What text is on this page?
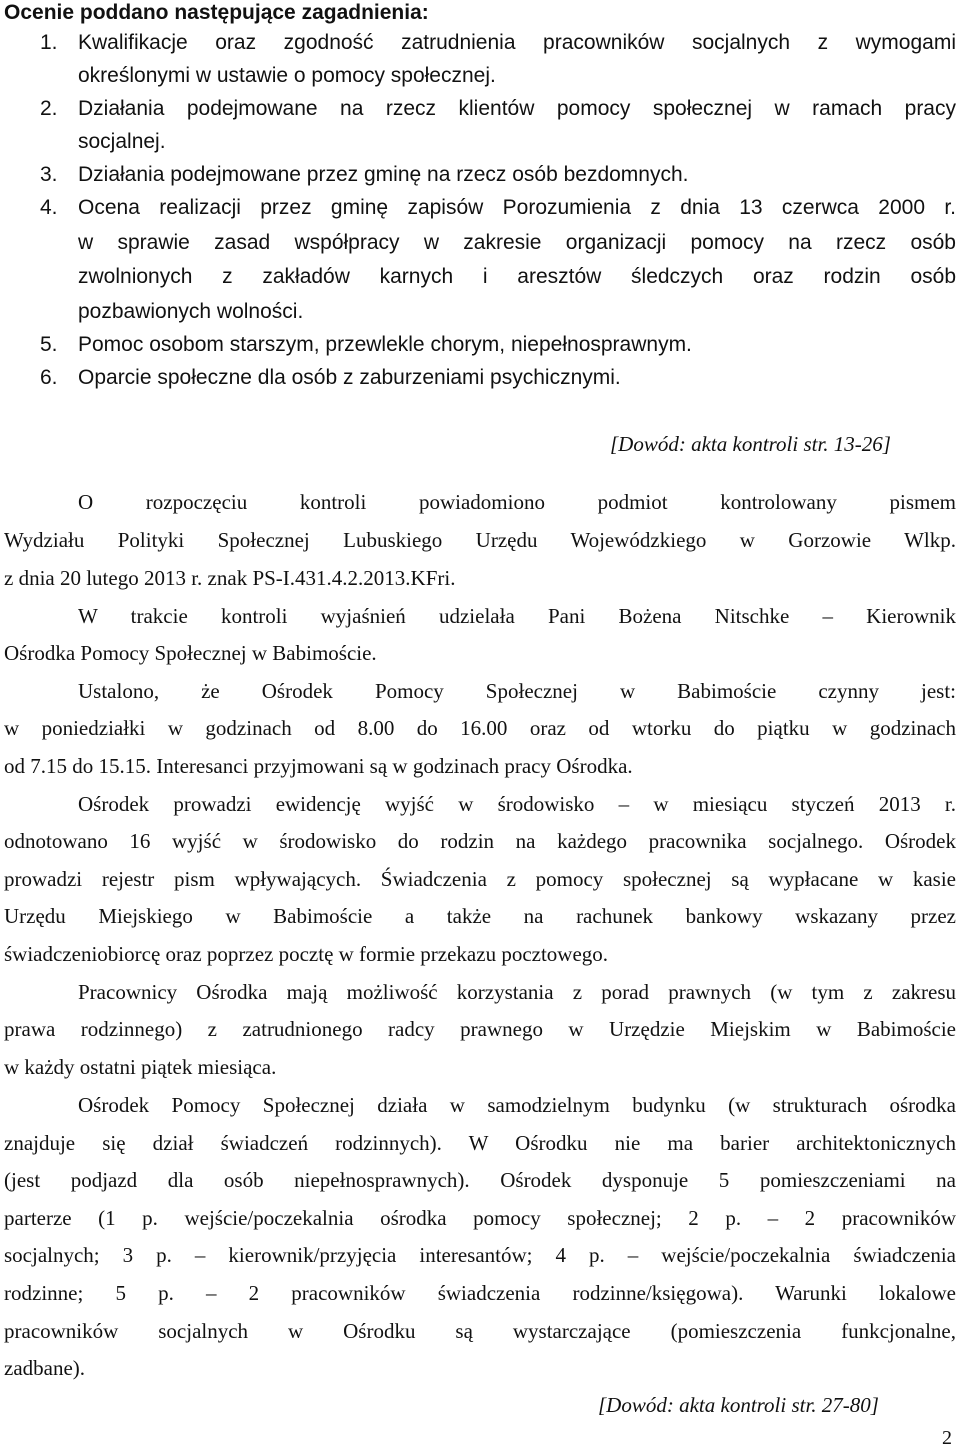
Ocenie poddano następujące zagadnienia:
1. Kwalifikacje oraz zgodność zatrudnienia pracowników socjalnych z wymogami
określonymi w ustawie o pomocy społecznej.
2. Działania podejmowane na rzecz klientów pomocy społecznej w ramach pracy
socjalnej.
3. Działania podejmowane przez gminę na rzecz osób bezdomnych.
4. Ocena realizacji przez gminę zapisów Porozumienia z dnia 13 czerwca 2000 r.
w sprawie zasad współpracy w zakresie organizacji pomocy na rzecz osób
zwolnionych z zakładów karnych i aresztów śledczych oraz rodzin osób
pozbawionych wolności.
5. Pomoc osobom starszym, przewlekle chorym, niepełnosprawnym.
6. Oparcie społeczne dla osób z zaburzeniami psychicznymi.
[Dowód: akta kontroli str. 13-26]
O rozpoczęciu kontroli powiadomiono podmiot kontrolowany pismem
Wydziału Polityki Społecznej Lubuskiego Urzędu Wojewódzkiego w Gorzowie Wlkp.
z dnia 20 lutego 2013 r. znak PS-I.431.4.2.2013.KFri.
W trakcie kontroli wyjaśnień udzielała Pani Bożena Nitschke – Kierownik
Ośrodka Pomocy Społecznej w Babimoście.
Ustalono, że Ośrodek Pomocy Społecznej w Babimoście czynny jest:
w poniedziałki w godzinach od 8.00 do 16.00 oraz od wtorku do piątku w godzinach
od 7.15 do 15.15. Interesanci przyjmowani są w godzinach pracy Ośrodka.
Ośrodek prowadzi ewidencję wyjść w środowisko – w miesiącu styczeń 2013 r.
odnotowano 16 wyjść w środowisko do rodzin na każdego pracownika socjalnego. Ośrodek
prowadzi rejestr pism wpływających. Świadczenia z pomocy społecznej są wypłacane w kasie
Urzędu Miejskiego w Babimoście a także na rachunek bankowy wskazany przez
świadczeniobiorcę oraz poprzez pocztę w formie przekazu pocztowego.
Pracownicy Ośrodka mają możliwość korzystania z porad prawnych (w tym z zakresu
prawa rodzinnego) z zatrudnionego radcy prawnego w Urzędzie Miejskim w Babimoście
w każdy ostatni piątek miesiąca.
Ośrodek Pomocy Społecznej działa w samodzielnym budynku (w strukturach ośrodka
znajduje się dział świadczeń rodzinnych). W Ośrodku nie ma barier architektonicznych
(jest podjazd dla osób niepełnosprawnych). Ośrodek dysponuje 5 pomieszczeniami na
parterze (1 p. wejście/poczekalnia ośrodka pomocy społecznej; 2 p. – 2 pracowników
socjalnych; 3 p. – kierownik/przyjęcia interesantów; 4 p. – wejście/poczekalnia świadczenia
rodzinne; 5 p. – 2 pracowników świadczenia rodzinne/księgowa). Warunki lokalowe
pracowników socjalnych w Ośrodku są wystarczające (pomieszczenia funkcjonalne,
zadbane).
[Dowód: akta kontroli str. 27-80]
2
